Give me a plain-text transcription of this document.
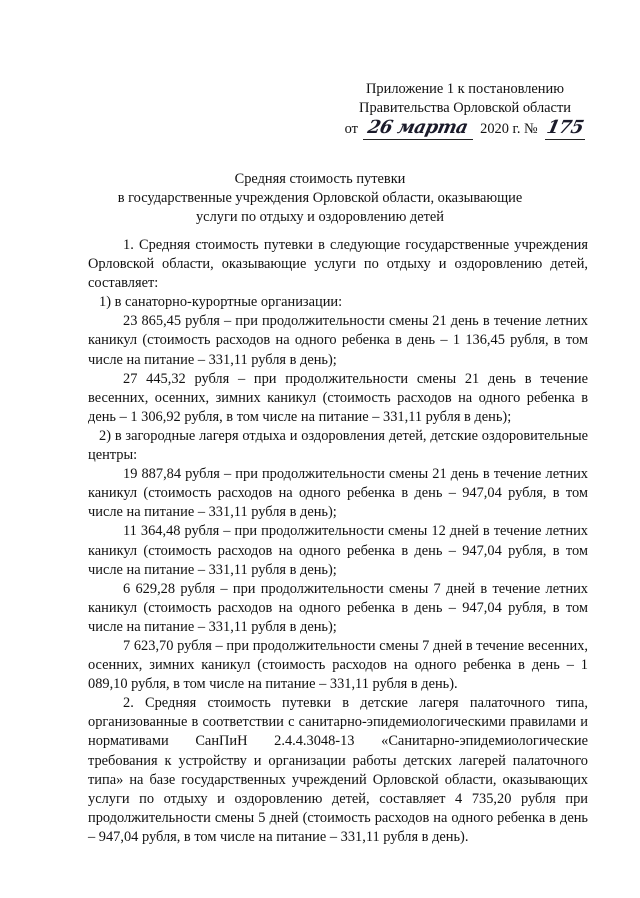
Приложение 1 к постановлению
Правительства Орловской области
от 26 марта 2020 г. № 175
Средняя стоимость путевки
в государственные учреждения Орловской области, оказывающие
услуги по отдыху и оздоровлению детей

1. Средняя стоимость путевки в следующие государственные учреждения Орловской области, оказывающие услуги по отдыху и оздоровлению детей, составляет:

1) в санаторно-курортные организации:

23 865,45 рубля – при продолжительности смены 21 день в течение летних каникул (стоимость расходов на одного ребенка в день – 1 136,45 рубля, в том числе на питание – 331,11 рубля в день);

27 445,32 рубля – при продолжительности смены 21 день в течение весенних, осенних, зимних каникул (стоимость расходов на одного ребенка в день – 1 306,92 рубля, в том числе на питание – 331,11 рубля в день);

2) в загородные лагеря отдыха и оздоровления детей, детские оздоровительные центры:

19 887,84 рубля – при продолжительности смены 21 день в течение летних каникул (стоимость расходов на одного ребенка в день – 947,04 рубля, в том числе на питание – 331,11 рубля в день);

11 364,48 рубля – при продолжительности смены 12 дней в течение летних каникул (стоимость расходов на одного ребенка в день – 947,04 рубля, в том числе на питание – 331,11 рубля в день);

6 629,28 рубля – при продолжительности смены 7 дней в течение летних каникул (стоимость расходов на одного ребенка в день – 947,04 рубля, в том числе на питание – 331,11 рубля в день);

7 623,70 рубля – при продолжительности смены 7 дней в течение весенних, осенних, зимних каникул (стоимость расходов на одного ребенка в день – 1 089,10 рубля, в том числе на питание – 331,11 рубля в день).

2. Средняя стоимость путевки в детские лагеря палаточного типа, организованные в соответствии с санитарно-эпидемиологическими правилами и нормативами СанПиН 2.4.4.3048-13 «Санитарно-эпидемиологические требования к устройству и организации работы детских лагерей палаточного типа» на базе государственных учреждений Орловской области, оказывающих услуги по отдыху и оздоровлению детей, составляет 4 735,20 рубля при продолжительности смены 5 дней (стоимость расходов на одного ребенка в день – 947,04 рубля, в том числе на питание – 331,11 рубля в день).
